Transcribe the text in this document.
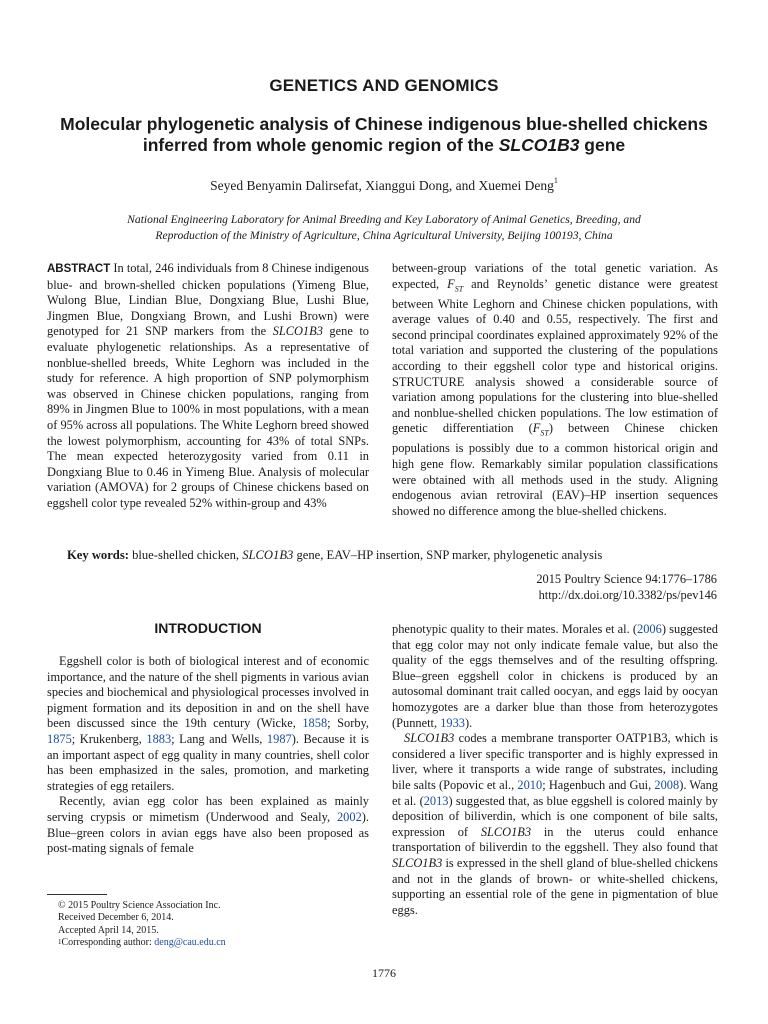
GENETICS AND GENOMICS
Molecular phylogenetic analysis of Chinese indigenous blue-shelled chickens
inferred from whole genomic region of the SLCO1B3 gene
Seyed Benyamin Dalirsefat, Xianggui Dong, and Xuemei Deng$^1$
National Engineering Laboratory for Animal Breeding and Key Laboratory of Animal Genetics, Breeding, and
Reproduction of the Ministry of Agriculture, China Agricultural University, Beijing 100193, China

ABSTRACT In total, 246 individuals from 8 Chinese indigenous blue- and brown-shelled chicken populations (Yimeng Blue, Wulong Blue, Lindian Blue, Dongxiang Blue, Lushi Blue, Jingmen Blue, Dongxiang Brown, and Lushi Brown) were genotyped for 21 SNP markers from the SLCO1B3 gene to evaluate phylogenetic relationships. As a representative of nonblue-shelled breeds, White Leghorn was included in the study for reference. A high proportion of SNP polymorphism was observed in Chinese chicken populations, ranging from 89% in Jingmen Blue to 100% in most populations, with a mean of 95% across all populations. The White Leghorn breed showed the lowest polymorphism, accounting for 43% of total SNPs. The mean expected heterozygosity varied from 0.11 in Dongxiang Blue to 0.46 in Yimeng Blue. Analysis of molecular variation (AMOVA) for 2 groups of Chinese chickens based on eggshell color type revealed 52% within-group and 43%

between-group variations of the total genetic variation. As expected, $F_{ST}$ and Reynolds’ genetic distance were greatest between White Leghorn and Chinese chicken populations, with average values of 0.40 and 0.55, respectively. The first and second principal coordinates explained approximately 92% of the total variation and supported the clustering of the populations according to their eggshell color type and historical origins. STRUCTURE analysis showed a considerable source of variation among populations for the clustering into blue-shelled and nonblue-shelled chicken populations. The low estimation of genetic differentiation $(F_{ST})$ between Chinese chicken populations is possibly due to a common historical origin and high gene flow. Remarkably similar population classifications were obtained with all methods used in the study. Aligning endogenous avian retroviral (EAV)–HP insertion sequences showed no difference among the blue-shelled chickens.

Key words: blue-shelled chicken, SLCO1B3 gene, EAV–HP insertion, SNP marker, phylogenetic analysis
2015 Poultry Science 94:1776–1786
http://dx.doi.org/10.3382/ps/pev146
INTRODUCTION

Eggshell color is both of biological interest and of economic importance, and the nature of the shell pigments in various avian species and biochemical and physiological processes involved in pigment formation and its deposition in and on the shell have been discussed since the 19th century (Wicke, 1858; Sorby, 1875; Krukenberg, 1883; Lang and Wells, 1987). Because it is an important aspect of egg quality in many countries, shell color has been emphasized in the sales, promotion, and marketing strategies of egg retailers.

Recently, avian egg color has been explained as mainly serving crypsis or mimetism (Underwood and Sealy, 2002). Blue–green colors in avian eggs have also been proposed as post-mating signals of female

phenotypic quality to their mates. Morales et al. (2006) suggested that egg color may not only indicate female value, but also the quality of the eggs themselves and of the resulting offspring. Blue–green eggshell color in chickens is produced by an autosomal dominant trait called oocyan, and eggs laid by oocyan homozygotes are a darker blue than those from heterozygotes (Punnett, 1933).

SLCO1B3 codes a membrane transporter OATP1B3, which is considered a liver specific transporter and is highly expressed in liver, where it transports a wide range of substrates, including bile salts (Popovic et al., 2010; Hagenbuch and Gui, 2008). Wang et al. (2013) suggested that, as blue eggshell is colored mainly by deposition of biliverdin, which is one component of bile salts, expression of SLCO1B3 in the uterus could enhance transportation of biliverdin to the eggshell. They also found that SLCO1B3 is expressed in the shell gland of blue-shelled chickens and not in the glands of brown- or white-shelled chickens, supporting an essential role of the gene in pigmentation of blue eggs.

© 2015 Poultry Science Association Inc.
Received December 6, 2014.
Accepted April 14, 2015.
$^1$Corresponding author: deng@cau.edu.cn
1776
